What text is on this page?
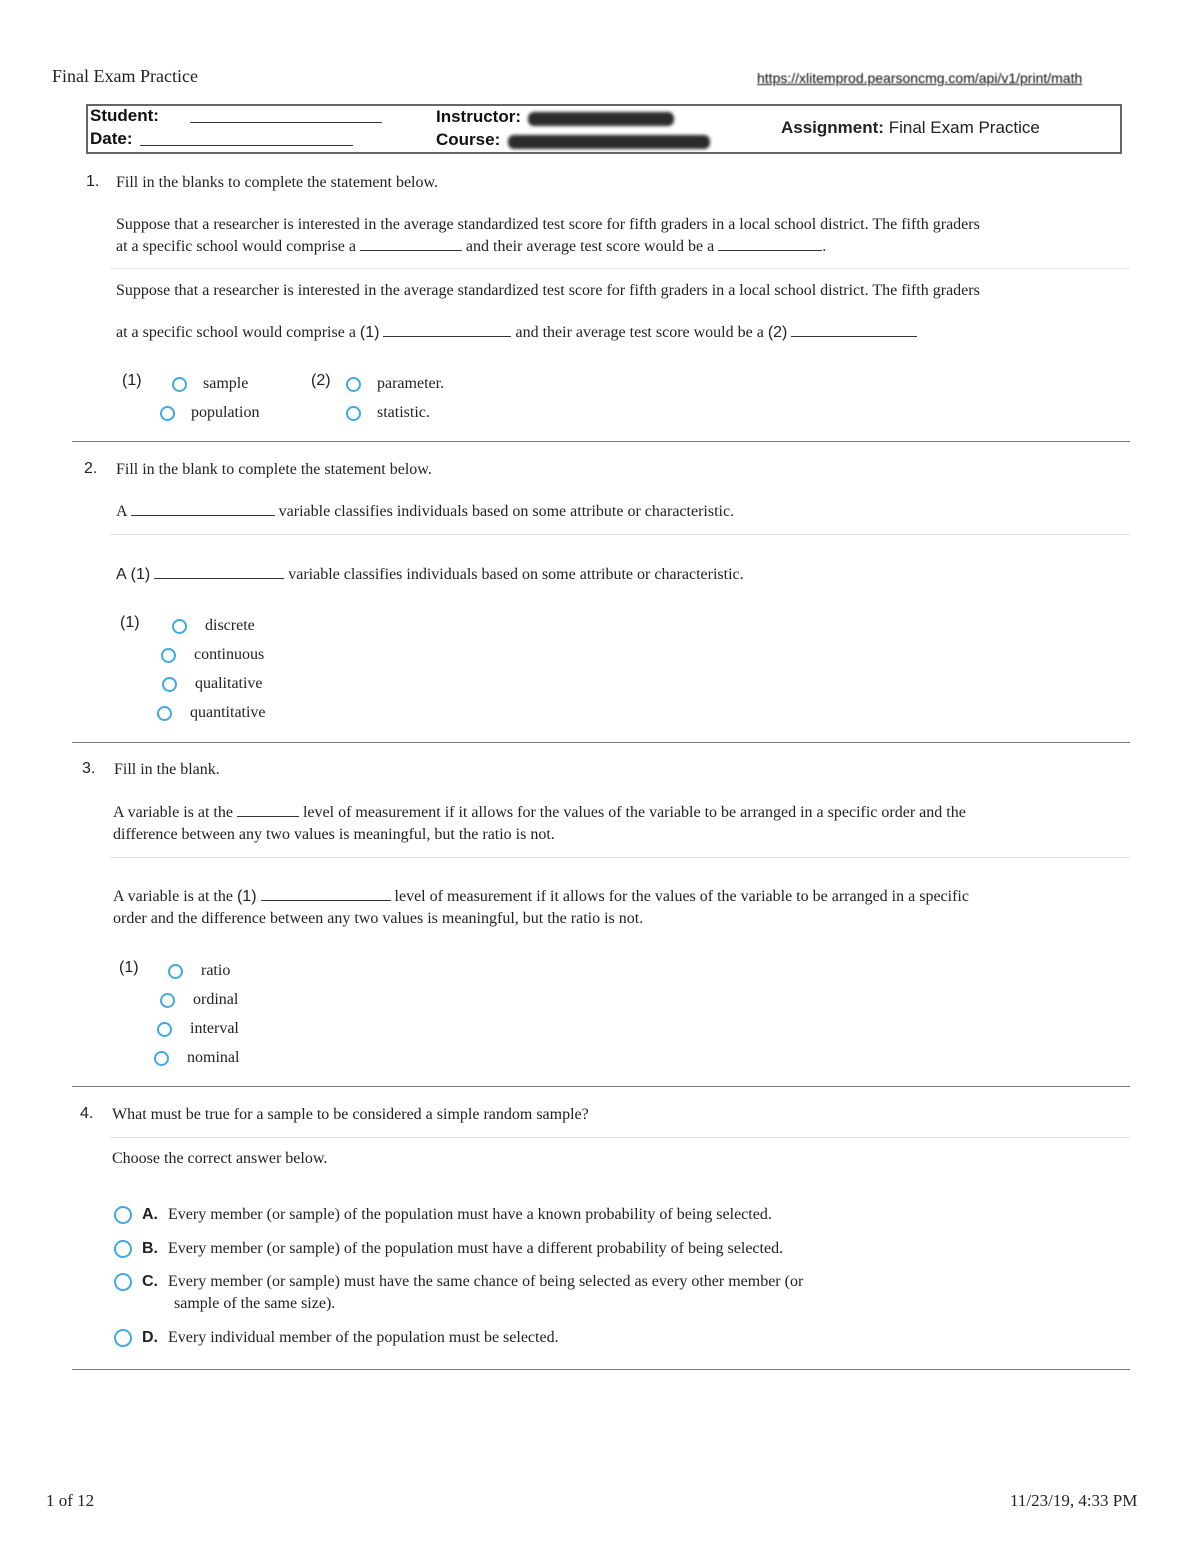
Final Exam Practice	https://xlitemprod.pearsoncmg.com/api/v1/print/math
Student:
Date:
Instructor:
Course:
Assignment: Final Exam Practice
1. Fill in the blanks to complete the statement below.
Suppose that a researcher is interested in the average standardized test score for fifth graders in a local school district. The fifth graders
at a specific school would comprise a	and their average test score would be a	.
Suppose that a researcher is interested in the average standardized test score for fifth graders in a local school district. The fifth graders
at a specific school would comprise a (1)	and their average test score would be a (2)
(1)	sample
population
(2)	parameter.
statistic.
2. Fill in the blank to complete the statement below.
A	variable classifies individuals based on some attribute or characteristic.
A (1)	variable classifies individuals based on some attribute or characteristic.
(1)	discrete
continuous
qualitative
quantitative
3. Fill in the blank.
A variable is at the	level of measurement if it allows for the values of the variable to be arranged in a specific order and the
difference between any two values is meaningful, but the ratio is not.
A variable is at the (1)	level of measurement if it allows for the values of the variable to be arranged in a specific
order and the difference between any two values is meaningful, but the ratio is not.
(1)	ratio
ordinal
interval
nominal
4. What must be true for a sample to be considered a simple random sample?
Choose the correct answer below.
A. Every member (or sample) of the population must have a known probability of being selected.
B. Every member (or sample) of the population must have a different probability of being selected.
C. Every member (or sample) must have the same chance of being selected as every other member (or
sample of the same size).
D. Every individual member of the population must be selected.
1 of 12	11/23/19, 4:33 PM
